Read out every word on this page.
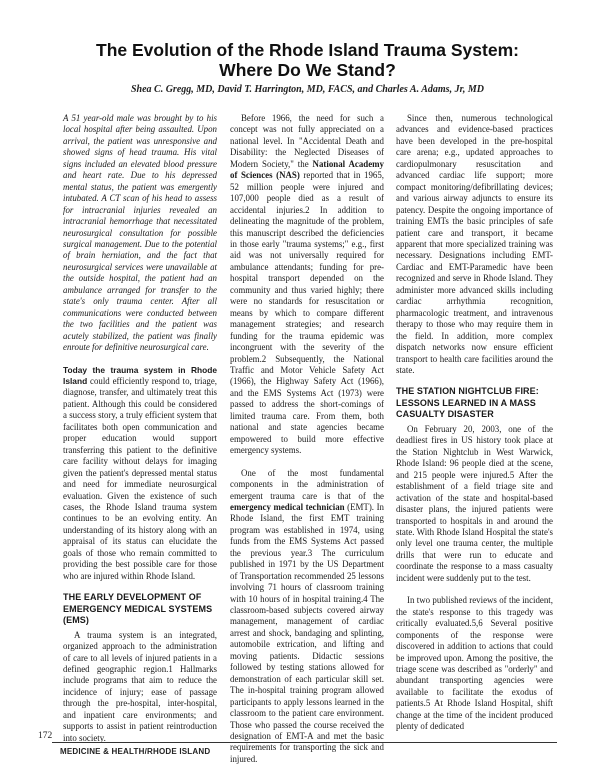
The Evolution of the Rhode Island Trauma System:
Where Do We Stand?
Shea C. Gregg, MD, David T. Harrington, MD, FACS, and Charles A. Adams, Jr, MD

A 51 year-old male was brought by to his local hospital after being assaulted. Upon arrival, the patient was unresponsive and showed signs of head trauma. His vital signs included an elevated blood pressure and heart rate. Due to his depressed mental status, the patient was emergently intubated. A CT scan of his head to assess for intracranial injuries revealed an intracranial hemorrhage that necessitated neurosurgical consultation for possible surgical management. Due to the potential of brain herniation, and the fact that neurosurgical services were unavailable at the outside hospital, the patient had an ambulance arranged for transfer to the state's only trauma center. After all communications were conducted between the two facilities and the patient was acutely stabilized, the patient was finally enroute for definitive neurosurgical care.

Today the trauma system in Rhode Island could efficiently respond to, triage, diagnose, transfer, and ultimately treat this patient. Although this could be considered a success story, a truly efficient system that facilitates both open communication and proper education would support transferring this patient to the definitive care facility without delays for imaging given the patient's depressed mental status and need for immediate neurosurgical evaluation. Given the existence of such cases, the Rhode Island trauma system continues to be an evolving entity. An understanding of its history along with an appraisal of its status can elucidate the goals of those who remain committed to providing the best possible care for those who are injured within Rhode Island.

THE EARLY DEVELOPMENT OF EMERGENCY MEDICAL SYSTEMS (EMS)

A trauma system is an integrated, organized approach to the administration of care to all levels of injured patients in a defined geographic region.1 Hallmarks include programs that aim to reduce the incidence of injury; ease of passage through the pre-hospital, inter-hospital, and inpatient care environments; and supports to assist in patient reintroduction into society.

Before 1966, the need for such a concept was not fully appreciated on a national level. In "Accidental Death and Disability: the Neglected Diseases of Modern Society," the National Academy of Sciences (NAS) reported that in 1965, 52 million people were injured and 107,000 people died as a result of accidental injuries.2 In addition to delineating the magnitude of the problem, this manuscript described the deficiencies in those early "trauma systems;" e.g., first aid was not universally required for ambulance attendants; funding for pre-hospital transport depended on the community and thus varied highly; there were no standards for resuscitation or means by which to compare different management strategies; and research funding for the trauma epidemic was incongruent with the severity of the problem.2 Subsequently, the National Traffic and Motor Vehicle Safety Act (1966), the Highway Safety Act (1966), and the EMS Systems Act (1973) were passed to address the short-comings of limited trauma care. From them, both national and state agencies became empowered to build more effective emergency systems.

One of the most fundamental components in the administration of emergent trauma care is that of the emergency medical technician (EMT). In Rhode Island, the first EMT training program was established in 1974, using funds from the EMS Systems Act passed the previous year.3 The curriculum published in 1971 by the US Department of Transportation recommended 25 lessons involving 71 hours of classroom training with 10 hours of in hospital training.4 The classroom-based subjects covered airway management, management of cardiac arrest and shock, bandaging and splinting, automobile extrication, and lifting and moving patients. Didactic sessions followed by testing stations allowed for demonstration of each particular skill set. The in-hospital training program allowed participants to apply lessons learned in the classroom to the patient care environment. Those who passed the course received the designation of EMT-A and met the basic requirements for transporting the sick and injured.

Since then, numerous technological advances and evidence-based practices have been developed in the pre-hospital care arena; e.g., updated approaches to cardiopulmonary resuscitation and advanced cardiac life support; more compact monitoring/defibrillating devices; and various airway adjuncts to ensure its patency. Despite the ongoing importance of training EMTs the basic principles of safe patient care and transport, it became apparent that more specialized training was necessary. Designations including EMT-Cardiac and EMT-Paramedic have been recognized and serve in Rhode Island. They administer more advanced skills including cardiac arrhythmia recognition, pharmacologic treatment, and intravenous therapy to those who may require them in the field. In addition, more complex dispatch networks now ensure efficient transport to health care facilities around the state.

THE STATION NIGHTCLUB FIRE: LESSONS LEARNED IN A MASS CASUALTY DISASTER

On February 20, 2003, one of the deadliest fires in US history took place at the Station Nightclub in West Warwick, Rhode Island: 96 people died at the scene, and 215 people were injured.5 After the establishment of a field triage site and activation of the state and hospital-based disaster plans, the injured patients were transported to hospitals in and around the state. With Rhode Island Hospital the state's only level one trauma center, the multiple drills that were run to educate and coordinate the response to a mass casualty incident were suddenly put to the test.

In two published reviews of the incident, the state's response to this tragedy was critically evaluated.5,6 Several positive components of the response were discovered in addition to actions that could be improved upon. Among the positive, the triage scene was described as "orderly" and abundant transporting agencies were available to facilitate the exodus of patients.5 At Rhode Island Hospital, shift change at the time of the incident produced plenty of dedicated

172
MEDICINE & HEALTH/RHODE ISLAND
